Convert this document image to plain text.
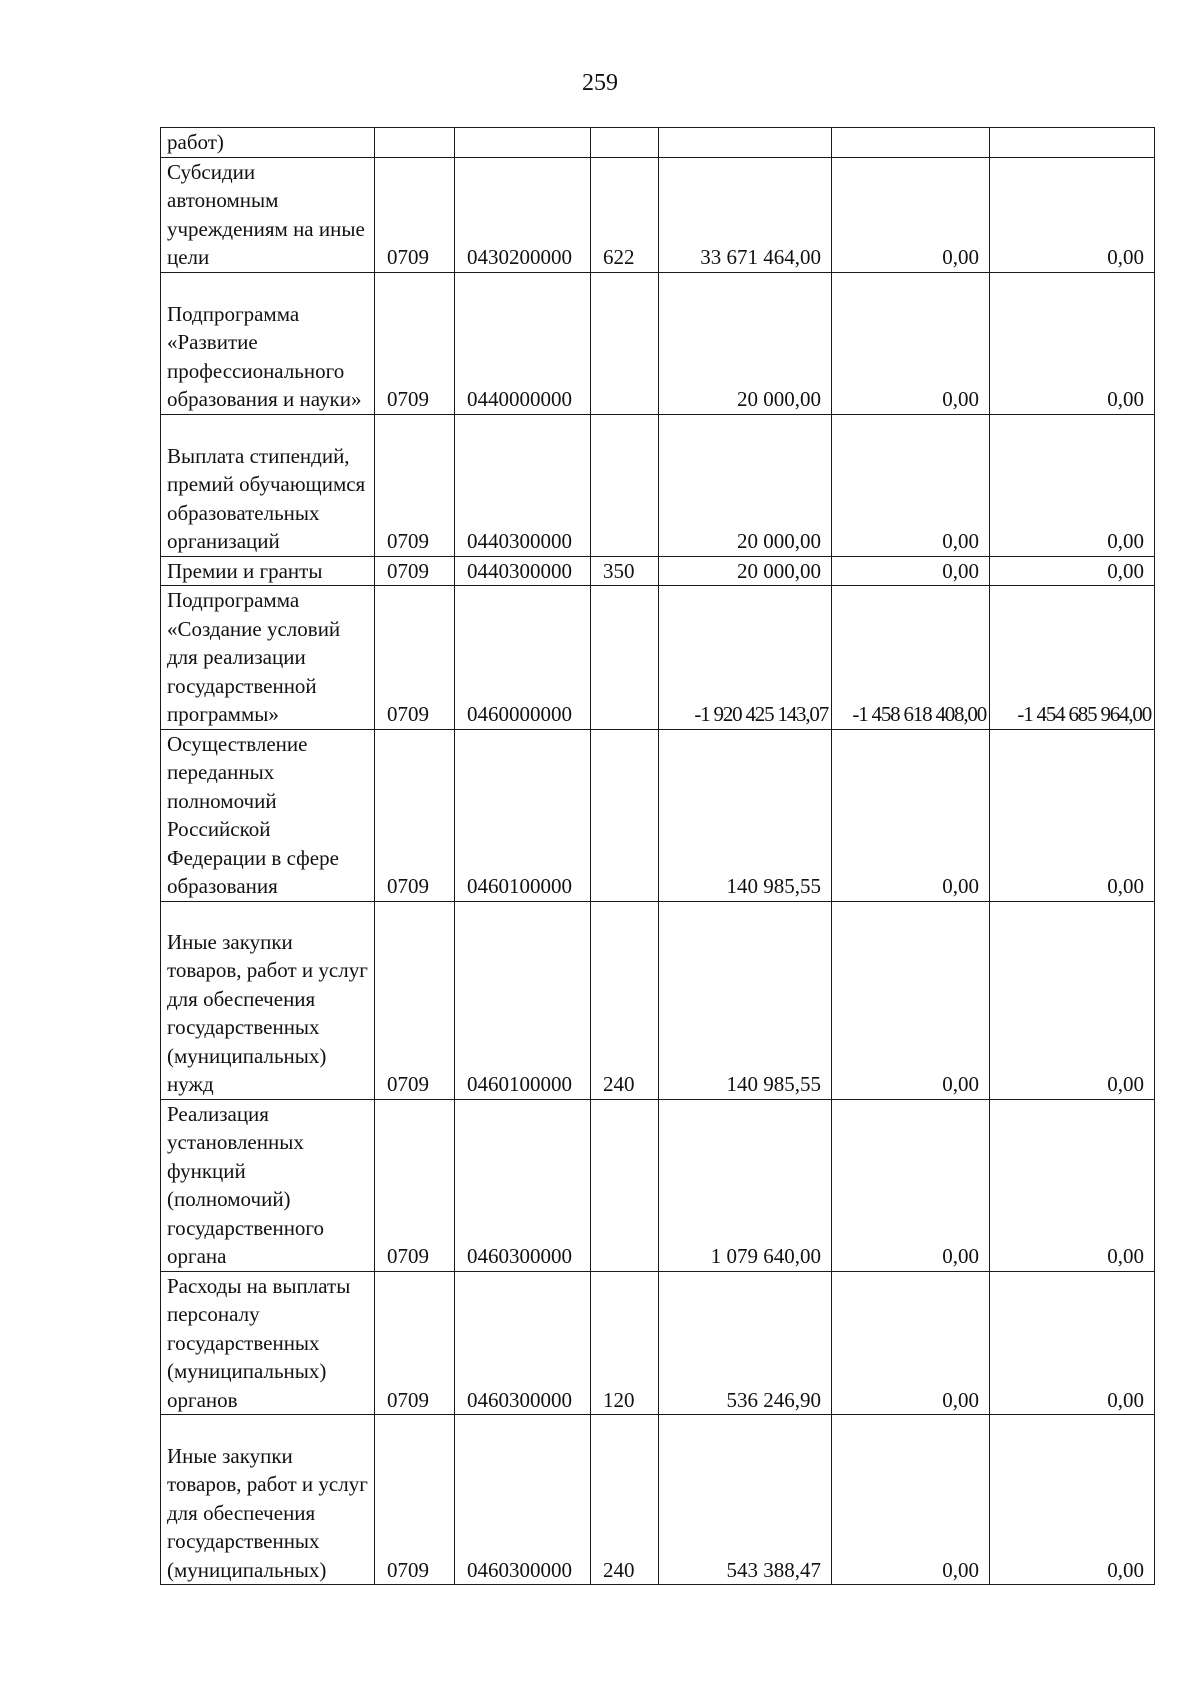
259
работ)						
Субсидии автономным учреждениям на иные цели	0709	0430200000	622	33 671 464,00	0,00	0,00
Подпрограмма «Развитие профессионального образования и науки»	0709	0440000000		20 000,00	0,00	0,00
Выплата стипендий, премий обучающимся образовательных организаций	0709	0440300000		20 000,00	0,00	0,00
Премии и гранты	0709	0440300000	350	20 000,00	0,00	0,00
Подпрограмма «Создание условий для реализации государственной программы»	0709	0460000000		-1 920 425 143,07	-1 458 618 408,00	-1 454 685 964,00
Осуществление переданных полномочий Российской Федерации в сфере образования	0709	0460100000		140 985,55	0,00	0,00
Иные закупки товаров, работ и услуг для обеспечения государственных (муниципальных) нужд	0709	0460100000	240	140 985,55	0,00	0,00
Реализация установленных функций (полномочий) государственного органа	0709	0460300000		1 079 640,00	0,00	0,00
Расходы на выплаты персоналу государственных (муниципальных) органов	0709	0460300000	120	536 246,90	0,00	0,00
Иные закупки товаров, работ и услуг для обеспечения государственных (муниципальных)	0709	0460300000	240	543 388,47	0,00	0,00
